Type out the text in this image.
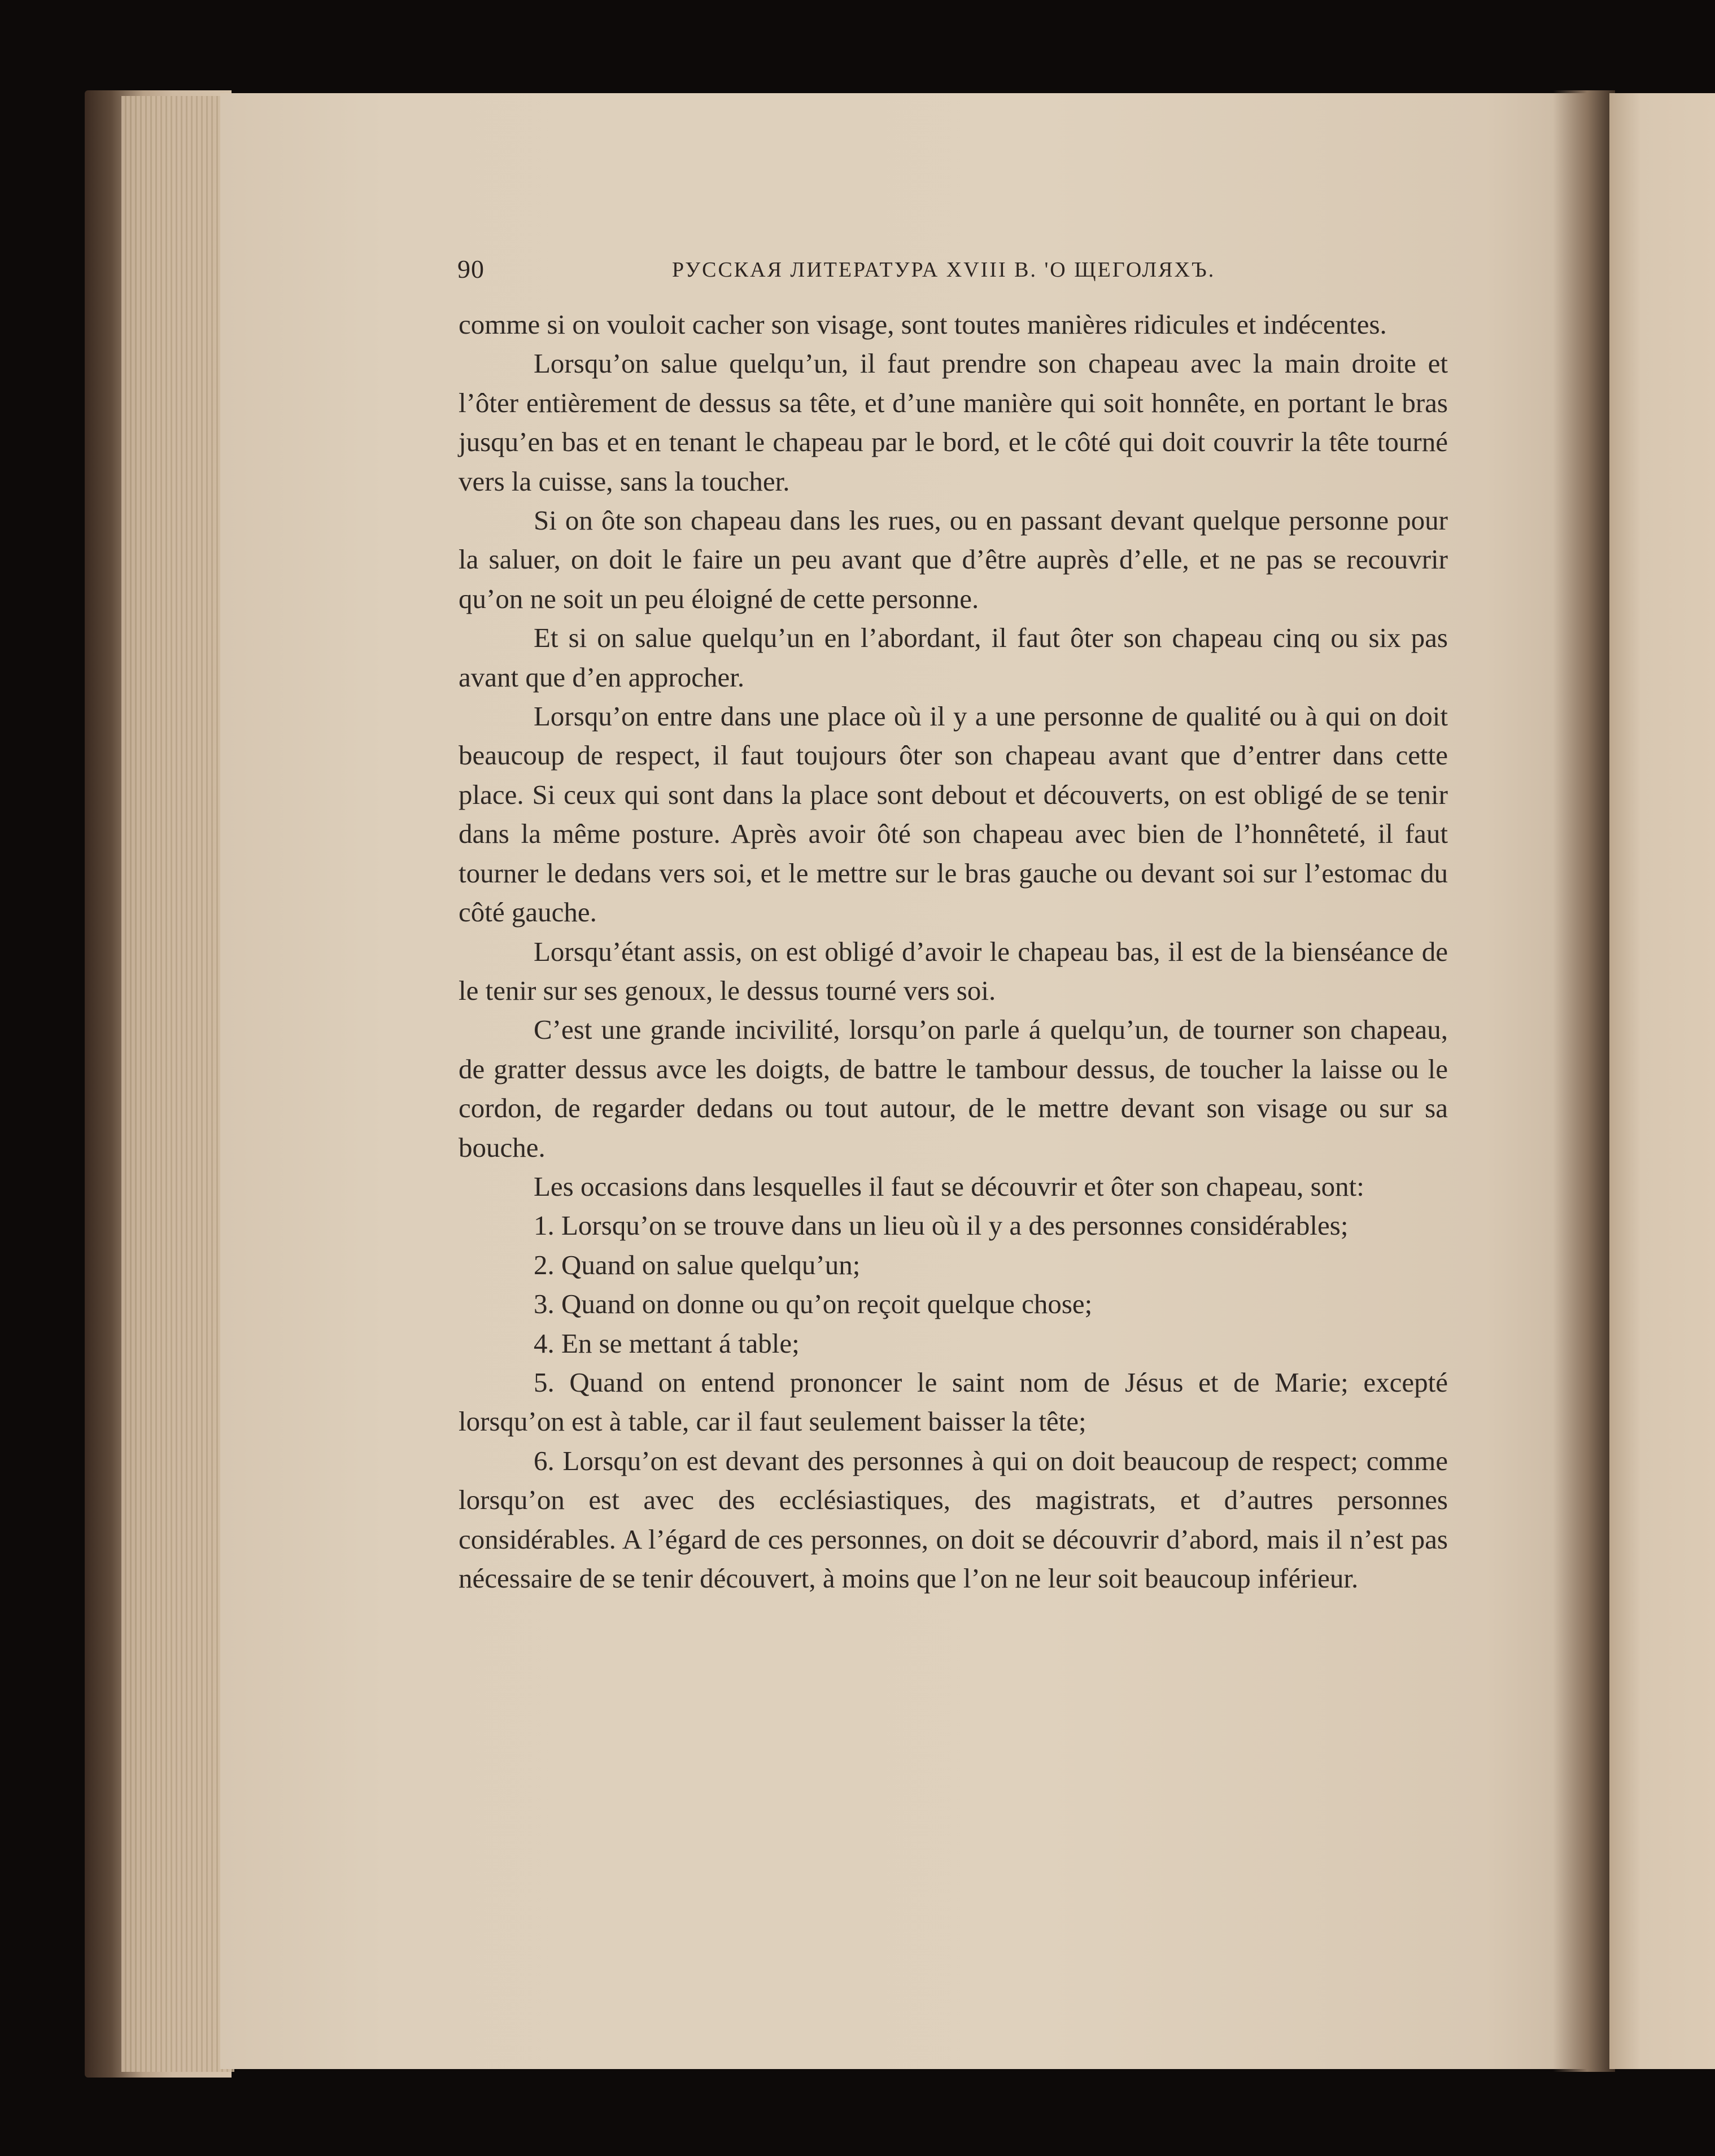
90	РУССКАЯ ЛИТЕРАТУРА XVIII В. 'О ЩЕГОЛЯХЪ.

comme si on vouloit cacher son visage, sont toutes manières ridicules et indécentes.

Lorsqu’on salue quelqu’un, il faut prendre son chapeau avec la main droite et l’ôter entièrement de dessus sa tête, et d’une manière qui soit honnête, en portant le bras jusqu’en bas et en tenant le chapeau par le bord, et le côté qui doit couvrir la tête tourné vers la cuisse, sans la toucher.

Si on ôte son chapeau dans les rues, ou en passant devant quelque personne pour la saluer, on doit le faire un peu avant que d’être auprès d’elle, et ne pas se recouvrir qu’on ne soit un peu éloigné de cette personne.

Et si on salue quelqu’un en l’abordant, il faut ôter son chapeau cinq ou six pas avant que d’en approcher.

Lorsqu’on entre dans une place où il y a une personne de qualité ou à qui on doit beaucoup de respect, il faut toujours ôter son chapeau avant que d’entrer dans cette place. Si ceux qui sont dans la place sont debout et découverts, on est obligé de se tenir dans la même posture. Après avoir ôté son chapeau avec bien de l’honnêteté, il faut tourner le dedans vers soi, et le mettre sur le bras gauche ou devant soi sur l’estomac du côté gauche.

Lorsqu’étant assis, on est obligé d’avoir le chapeau bas, il est de la bienséance de le tenir sur ses genoux, le dessus tourné vers soi.

C’est une grande incivilité, lorsqu’on parle á quelqu’un, de tourner son chapeau, de gratter dessus avce les doigts, de battre le tambour dessus, de toucher la laisse ou le cordon, de regarder dedans ou tout autour, de le mettre devant son visage ou sur sa bouche.

Les occasions dans lesquelles il faut se découvrir et ôter son chapeau, sont:

1. Lorsqu’on se trouve dans un lieu où il y a des personnes considérables;

2. Quand on salue quelqu’un;

3. Quand on donne ou qu’on reçoit quelque chose;

4. En se mettant á table;

5. Quand on entend prononcer le saint nom de Jésus et de Marie; excepté lorsqu’on est à table, car il faut seulement baisser la tête;

6. Lorsqu’on est devant des personnes à qui on doit beaucoup de respect; comme lorsqu’on est avec des ecclésiastiques, des magistrats, et d’autres personnes considérables. A l’égard de ces personnes, on doit se découvrir d’abord, mais il n’est pas nécessaire de se tenir découvert, à moins que l’on ne leur soit beaucoup inférieur.
